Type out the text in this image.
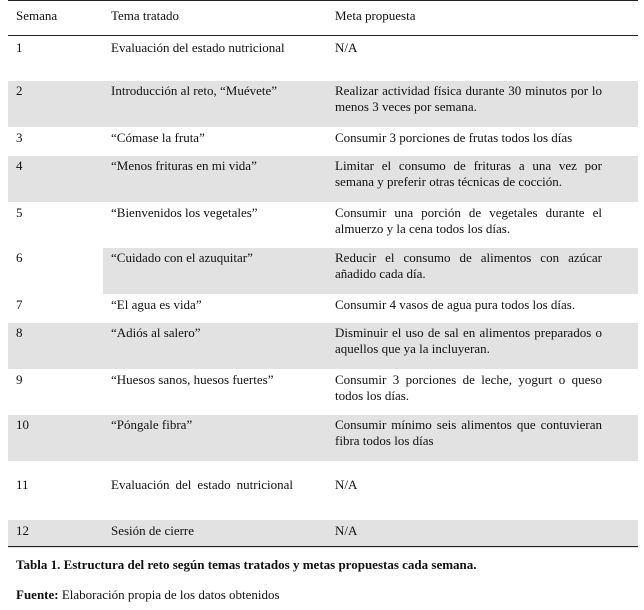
Semana	Tema tratado	Meta propuesta
1	Evaluación del estado nutricional	N/A
2	Introducción al reto, “Muévete”	Realizar actividad física durante 30 minutos por lo menos 3 veces por semana.
3	“Cómase la fruta”	Consumir 3 porciones de frutas todos los días
4	“Menos frituras en mi vida”	Limitar el consumo de frituras a una vez por semana y preferir otras técnicas de cocción.
5	“Bienvenidos los vegetales”	Consumir una porción de vegetales durante el almuerzo y la cena todos los días.
6	“Cuidado con el azuquitar”	Reducir el consumo de alimentos con azúcar añadido cada día.
7	“El agua es vida”	Consumir 4 vasos de agua pura todos los días.
8	“Adiós al salero”	Disminuir el uso de sal en alimentos preparados o aquellos que ya la incluyeran.
9	“Huesos sanos, huesos fuertes”	Consumir 3 porciones de leche, yogurt o queso todos los días.
10	“Póngale fibra”	Consumir mínimo seis alimentos que contuvieran fibra todos los días
11	Evaluación del estado nutricional	N/A
12	Sesión de cierre	N/A
Tabla 1. Estructura del reto según temas tratados y metas propuestas cada semana.
Fuente: Elaboración propia de los datos obtenidos
